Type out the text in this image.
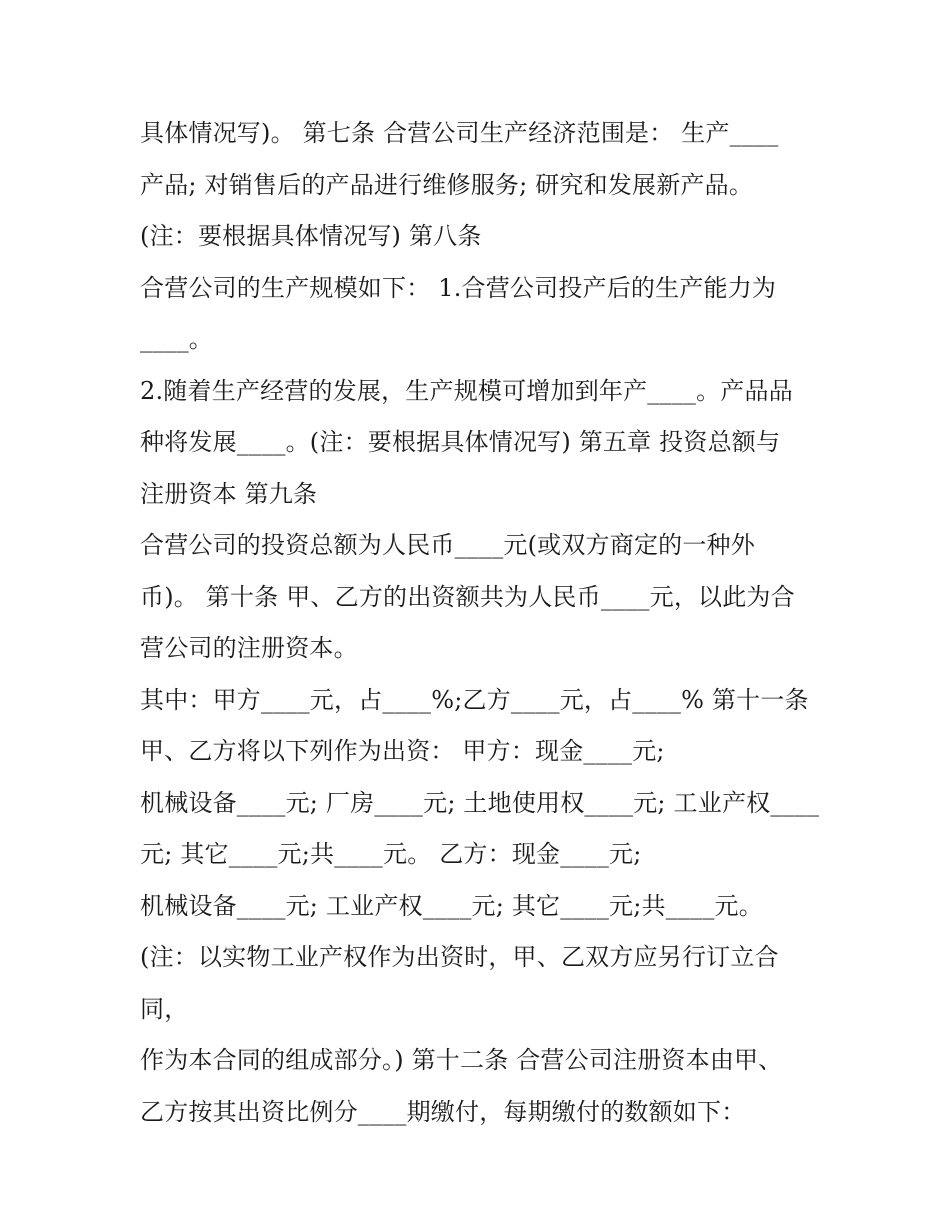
具体情况写)。 第七条 合营公司生产经济范围是： 生产____
产品; 对销售后的产品进行维修服务; 研究和发展新产品。
(注：要根据具体情况写) 第八条
合营公司的生产规模如下： 1.合营公司投产后的生产能力为
____。
2.随着生产经营的发展，生产规模可增加到年产____。产品品
种将发展____。(注：要根据具体情况写) 第五章 投资总额与
注册资本 第九条
合营公司的投资总额为人民币____元(或双方商定的一种外
币)。 第十条 甲、乙方的出资额共为人民币____元，以此为合
营公司的注册资本。
其中：甲方____元，占____%;乙方____元，占____% 第十一条
甲、乙方将以下列作为出资： 甲方：现金____元;
机械设备____元; 厂房____元; 土地使用权____元; 工业产权____
元; 其它____元;共____元。 乙方：现金____元;
机械设备____元; 工业产权____元; 其它____元;共____元。
(注：以实物工业产权作为出资时，甲、乙双方应另行订立合
同，
作为本合同的组成部分。) 第十二条 合营公司注册资本由甲、
乙方按其出资比例分____期缴付，每期缴付的数额如下：
